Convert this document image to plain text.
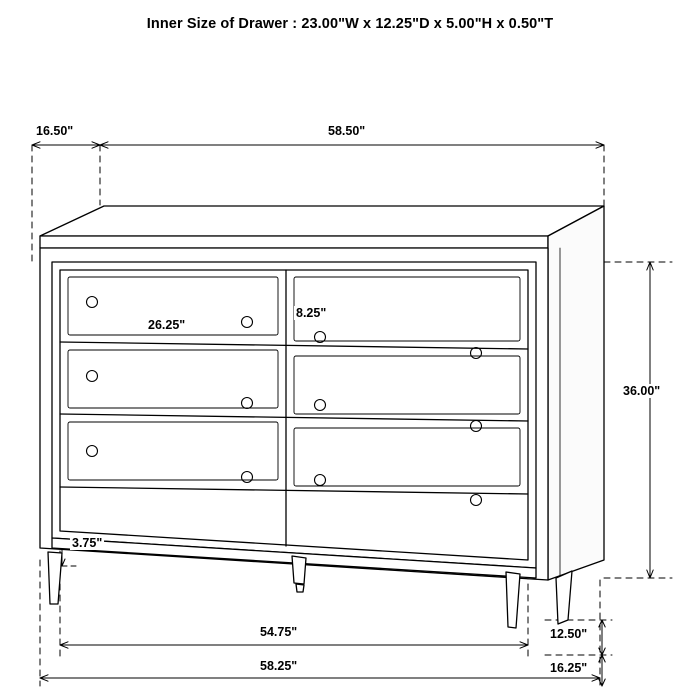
Inner Size of Drawer : 23.00"W x 12.25"D x 5.00"H x 0.50"T
16.50"	58.50"
36.00"
26.25"
8.25"
3.75"
54.75"
58.25"
12.50"
16.25"
